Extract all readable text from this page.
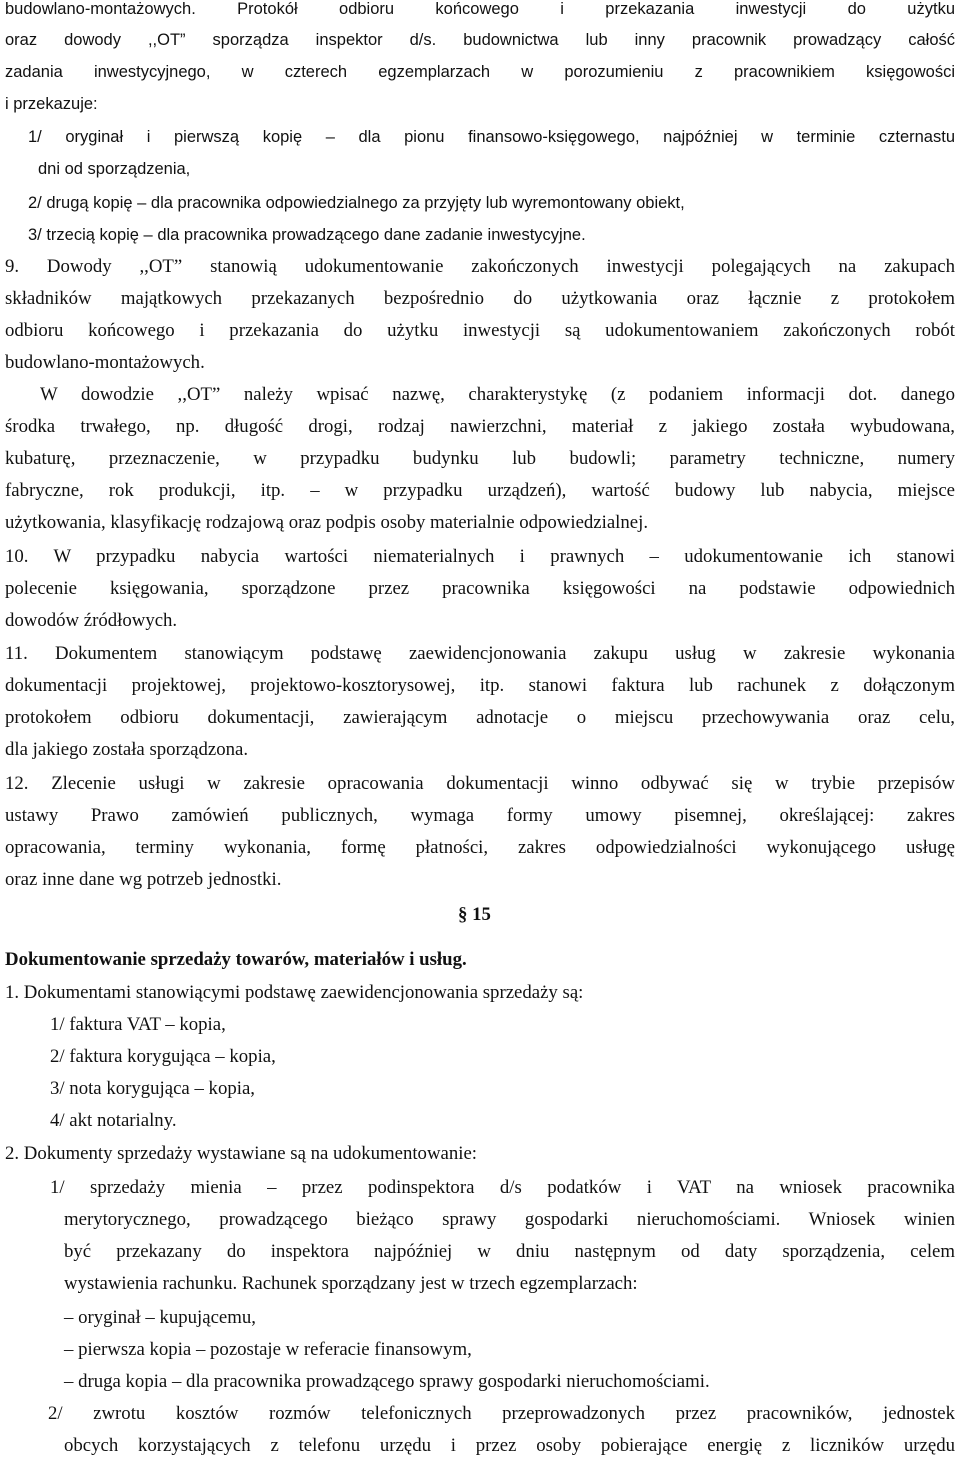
budowlano-montażowych. Protokół odbioru końcowego i przekazania inwestycji do użytku

oraz dowody ,,OT” sporządza inspektor d/s. budownictwa lub inny pracownik prowadzący całość

zadania inwestycyjnego, w czterech egzemplarzach w porozumieniu z pracownikiem księgowości

i przekazuje:

1/ oryginał i pierwszą kopię – dla pionu finansowo-księgowego, najpóźniej w terminie czternastu

dni od sporządzenia,

2/ drugą kopię – dla pracownika odpowiedzialnego za przyjęty lub wyremontowany obiekt,

3/ trzecią kopię – dla pracownika prowadzącego dane zadanie inwestycyjne.

9. Dowody ,,OT” stanowią udokumentowanie zakończonych inwestycji polegających na zakupach

składników majątkowych przekazanych bezpośrednio do użytkowania oraz łącznie z protokołem

odbioru końcowego i przekazania do użytku inwestycji są udokumentowaniem zakończonych robót

budowlano-montażowych.

W dowodzie ,,OT” należy wpisać nazwę, charakterystykę (z podaniem informacji dot. danego

środka trwałego, np. długość drogi, rodzaj nawierzchni, materiał z jakiego została wybudowana,

kubaturę, przeznaczenie, w przypadku budynku lub budowli; parametry techniczne, numery

fabryczne, rok produkcji, itp. – w przypadku urządzeń), wartość budowy lub nabycia, miejsce

użytkowania, klasyfikację rodzajową oraz podpis osoby materialnie odpowiedzialnej.

10. W przypadku nabycia wartości niematerialnych i prawnych – udokumentowanie ich stanowi

polecenie księgowania, sporządzone przez pracownika księgowości na podstawie odpowiednich

dowodów źródłowych.

11. Dokumentem stanowiącym podstawę zaewidencjonowania zakupu usług w zakresie wykonania

dokumentacji projektowej, projektowo-kosztorysowej, itp. stanowi faktura lub rachunek z dołączonym

protokołem odbioru dokumentacji, zawierającym adnotacje o miejscu przechowywania oraz celu,

dla jakiego została sporządzona.

12. Zlecenie usługi w zakresie opracowania dokumentacji winno odbywać się w trybie przepisów

ustawy Prawo zamówień publicznych, wymaga formy umowy pisemnej, określającej: zakres

opracowania, terminy wykonania, formę płatności, zakres odpowiedzialności wykonującego usługę

oraz inne dane wg potrzeb jednostki.

§ 15

Dokumentowanie sprzedaży towarów, materiałów i usług.

1. Dokumentami stanowiącymi podstawę zaewidencjonowania sprzedaży są:

1/ faktura VAT – kopia,

2/ faktura korygująca – kopia,

3/ nota korygująca – kopia,

4/ akt notarialny.

2. Dokumenty sprzedaży wystawiane są na udokumentowanie:

1/ sprzedaży mienia – przez podinspektora d/s podatków i VAT na wniosek pracownika

merytorycznego, prowadzącego bieżąco sprawy gospodarki nieruchomościami. Wniosek winien

być przekazany do inspektora najpóźniej w dniu następnym od daty sporządzenia, celem

wystawienia rachunku. Rachunek sporządzany jest w trzech egzemplarzach:

– oryginał – kupującemu,

– pierwsza kopia – pozostaje w referacie finansowym,

– druga kopia – dla pracownika prowadzącego sprawy gospodarki nieruchomościami.

2/ zwrotu kosztów rozmów telefonicznych przeprowadzonych przez pracowników, jednostek

obcych korzystających z telefonu urzędu i przez osoby pobierające energię z liczników urzędu
